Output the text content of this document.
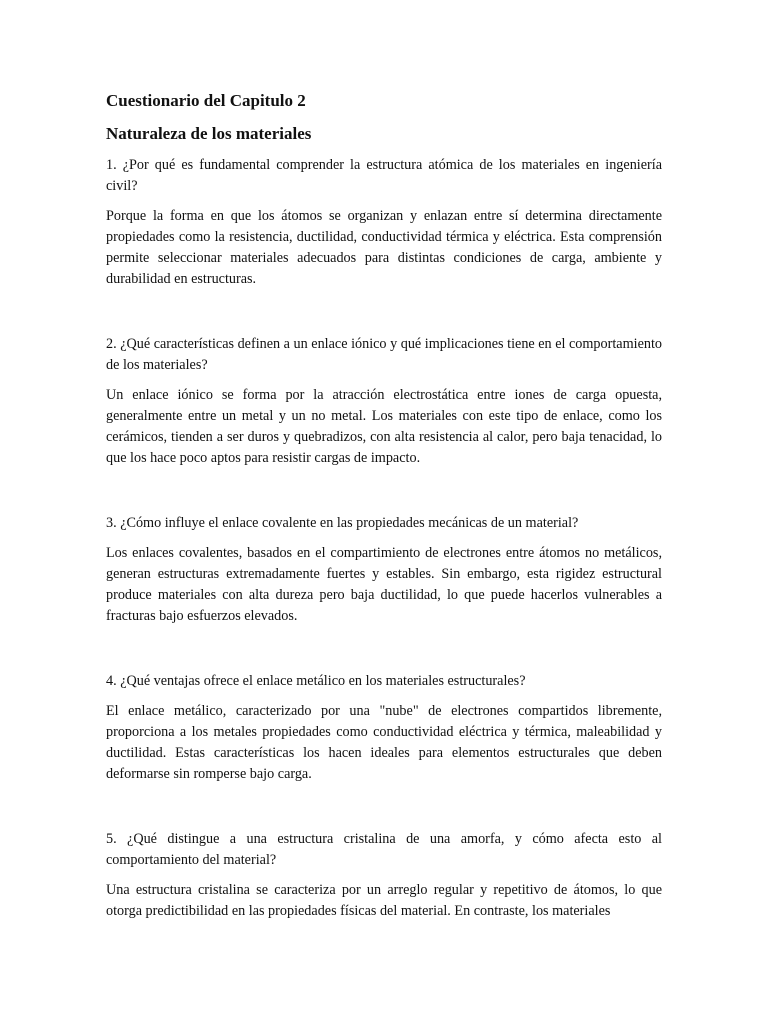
Cuestionario del Capitulo 2
Naturaleza de los materiales

1. ¿Por qué es fundamental comprender la estructura atómica de los materiales en ingeniería civil?

Porque la forma en que los átomos se organizan y enlazan entre sí determina directamente propiedades como la resistencia, ductilidad, conductividad térmica y eléctrica. Esta comprensión permite seleccionar materiales adecuados para distintas condiciones de carga, ambiente y durabilidad en estructuras.

2. ¿Qué características definen a un enlace iónico y qué implicaciones tiene en el comportamiento de los materiales?

Un enlace iónico se forma por la atracción electrostática entre iones de carga opuesta, generalmente entre un metal y un no metal. Los materiales con este tipo de enlace, como los cerámicos, tienden a ser duros y quebradizos, con alta resistencia al calor, pero baja tenacidad, lo que los hace poco aptos para resistir cargas de impacto.

3. ¿Cómo influye el enlace covalente en las propiedades mecánicas de un material?

Los enlaces covalentes, basados en el compartimiento de electrones entre átomos no metálicos, generan estructuras extremadamente fuertes y estables. Sin embargo, esta rigidez estructural produce materiales con alta dureza pero baja ductilidad, lo que puede hacerlos vulnerables a fracturas bajo esfuerzos elevados.

4. ¿Qué ventajas ofrece el enlace metálico en los materiales estructurales?

El enlace metálico, caracterizado por una "nube" de electrones compartidos libremente, proporciona a los metales propiedades como conductividad eléctrica y térmica, maleabilidad y ductilidad. Estas características los hacen ideales para elementos estructurales que deben deformarse sin romperse bajo carga.

5. ¿Qué distingue a una estructura cristalina de una amorfa, y cómo afecta esto al comportamiento del material?

Una estructura cristalina se caracteriza por un arreglo regular y repetitivo de átomos, lo que otorga predictibilidad en las propiedades físicas del material. En contraste, los materiales
